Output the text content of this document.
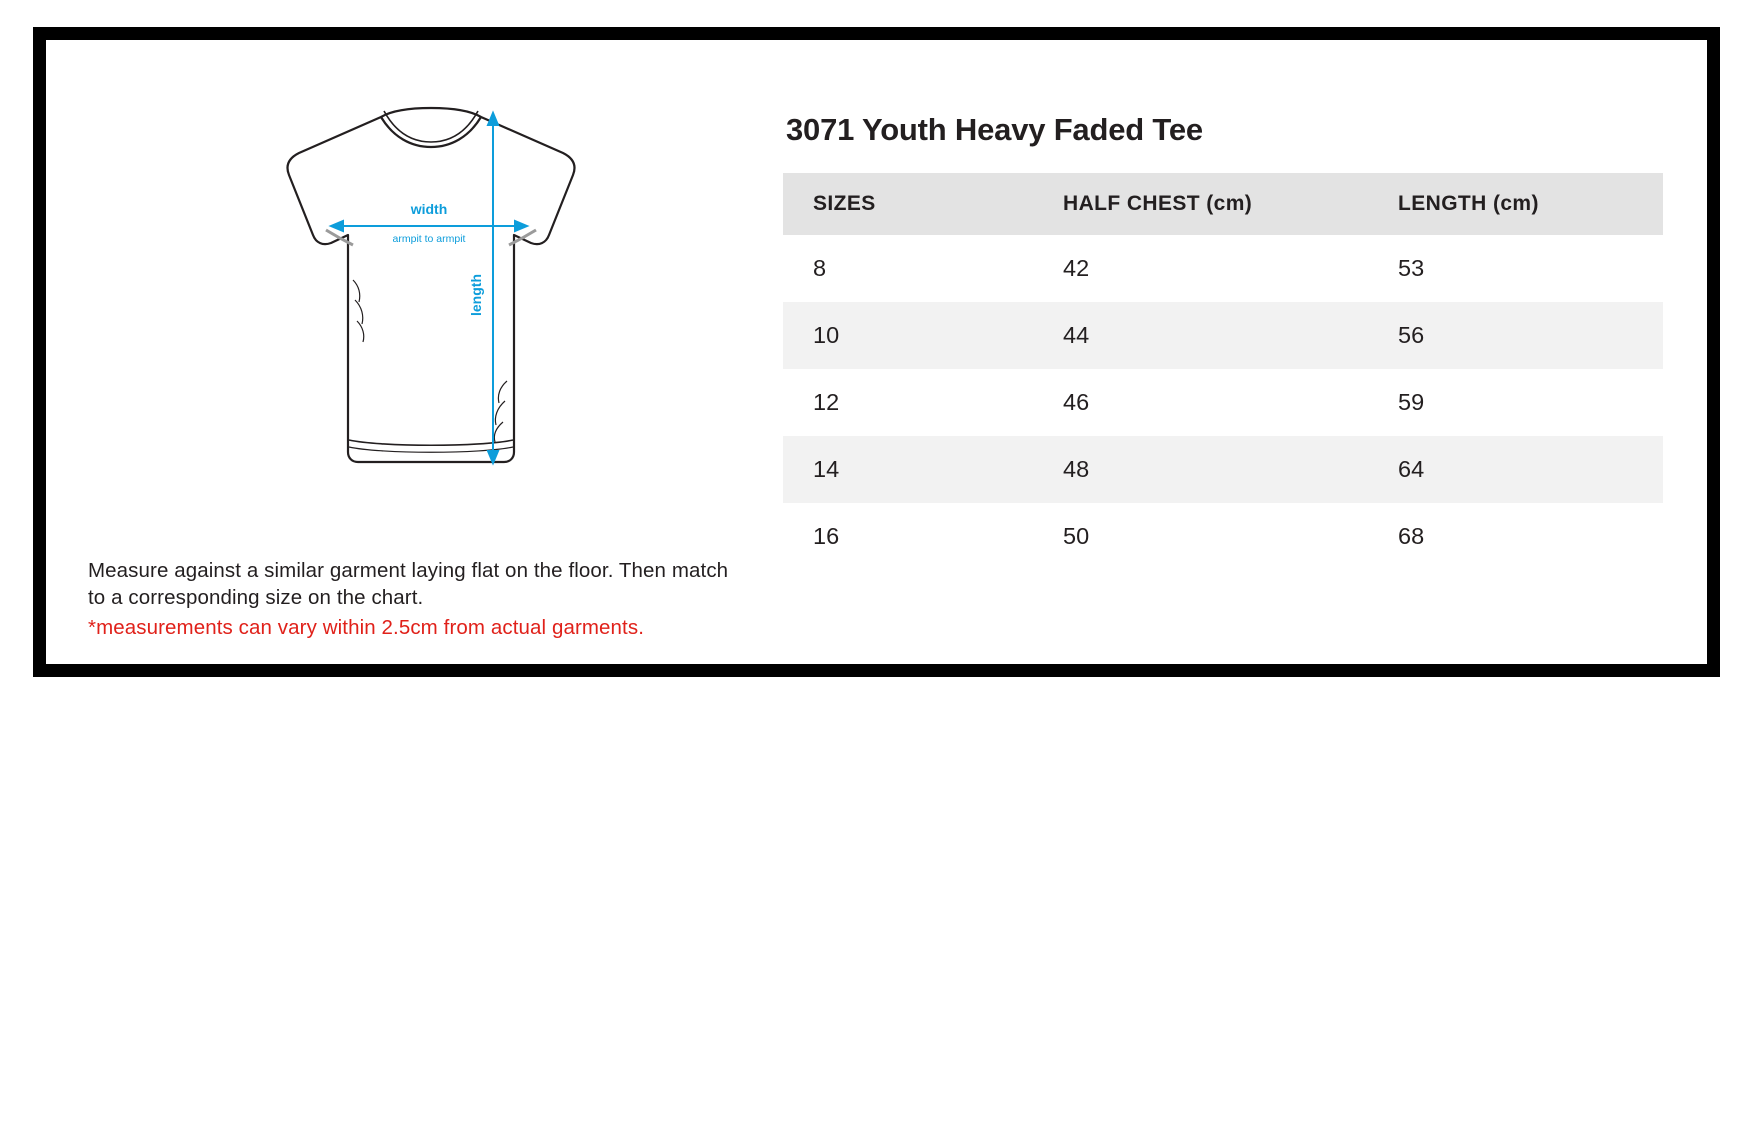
width
armpit to armpit
length
Measure against a similar garment laying flat on the floor. Then match to a corresponding size on the chart.
*measurements can vary within 2.5cm from actual garments.
3071 Youth Heavy Faded Tee
SIZES	HALF CHEST (cm)	LENGTH (cm)
8	42	53
10	44	56
12	46	59
14	48	64
16	50	68
